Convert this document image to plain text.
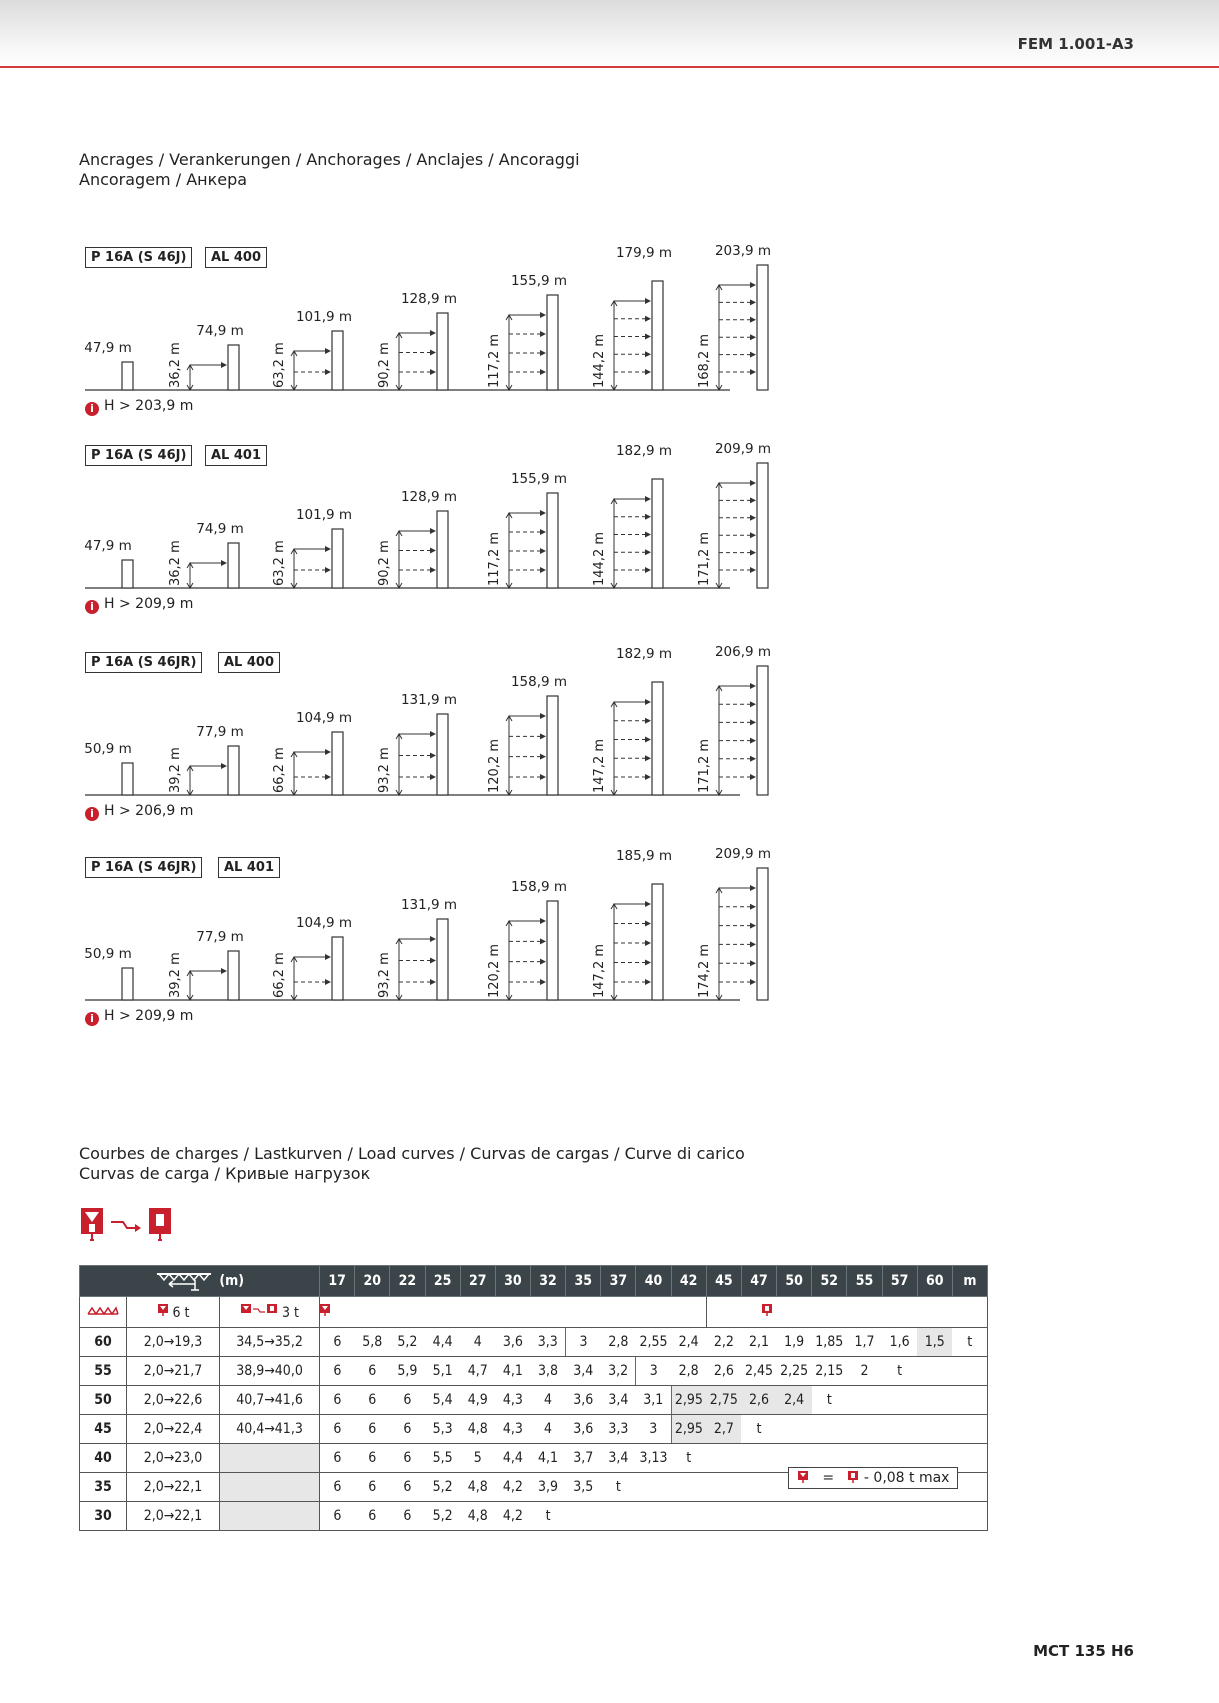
FEM 1.001-A3
Ancrages / Verankerungen / Anchorages / Anclajes / Ancoraggi
Ancoragem / Анкера
P 16A (S 46J)	AL 400
47,9 m
74,9 m
36,2 m
101,9 m
63,2 m
128,9 m
90,2 m
155,9 m
117,2 m
179,9 m
144,2 m
203,9 m
168,2 m
i H > 203,9 m
P 16A (S 46J)	AL 401
47,9 m
74,9 m
36,2 m
101,9 m
63,2 m
128,9 m
90,2 m
155,9 m
117,2 m
182,9 m
144,2 m
209,9 m
171,2 m
i H > 209,9 m
P 16A (S 46JR)	AL 400
50,9 m
77,9 m
39,2 m
104,9 m
66,2 m
131,9 m
93,2 m
158,9 m
120,2 m
182,9 m
147,2 m
206,9 m
171,2 m
i H > 206,9 m
P 16A (S 46JR)	AL 401
50,9 m
77,9 m
39,2 m
104,9 m
66,2 m
131,9 m
93,2 m
158,9 m
120,2 m
185,9 m
147,2 m
209,9 m
174,2 m
i H > 209,9 m
Courbes de charges / Lastkurven / Load curves / Curvas de cargas / Curve di carico
Curvas de carga / Кривые нагрузок
(m)			17	20	22	25	27	30	32	35	37	40	42	45	47	50	52	55	57	60	m
	6 t	3 t		
60	2,0→19,3	34,5→35,2	6	5,8	5,2	4,4	4	3,6	3,3	3	2,8	2,55	2,4	2,2	2,1	1,9	1,85	1,7	1,6	1,5	t
55	2,0→21,7	38,9→40,0	6	6	5,9	5,1	4,7	4,1	3,8	3,4	3,2	3	2,8	2,6	2,45	2,25	2,15	2	t		
50	2,0→22,6	40,7→41,6	6	6	6	5,4	4,9	4,3	4	3,6	3,4	3,1	2,95	2,75	2,6	2,4	t				
45	2,0→22,4	40,4→41,3	6	6	6	5,3	4,8	4,3	4	3,6	3,3	3	2,95	2,7	t						
40	2,0→23,0		6	6	6	5,5	5	4,4	4,1	3,7	3,4	3,13	t								
35	2,0→22,1		6	6	6	5,2	4,8	4,2	3,9	3,5	t										
30	2,0→22,1		6	6	6	5,2	4,8	4,2	t												
= - 0,08 t max
MCT 135 H6
